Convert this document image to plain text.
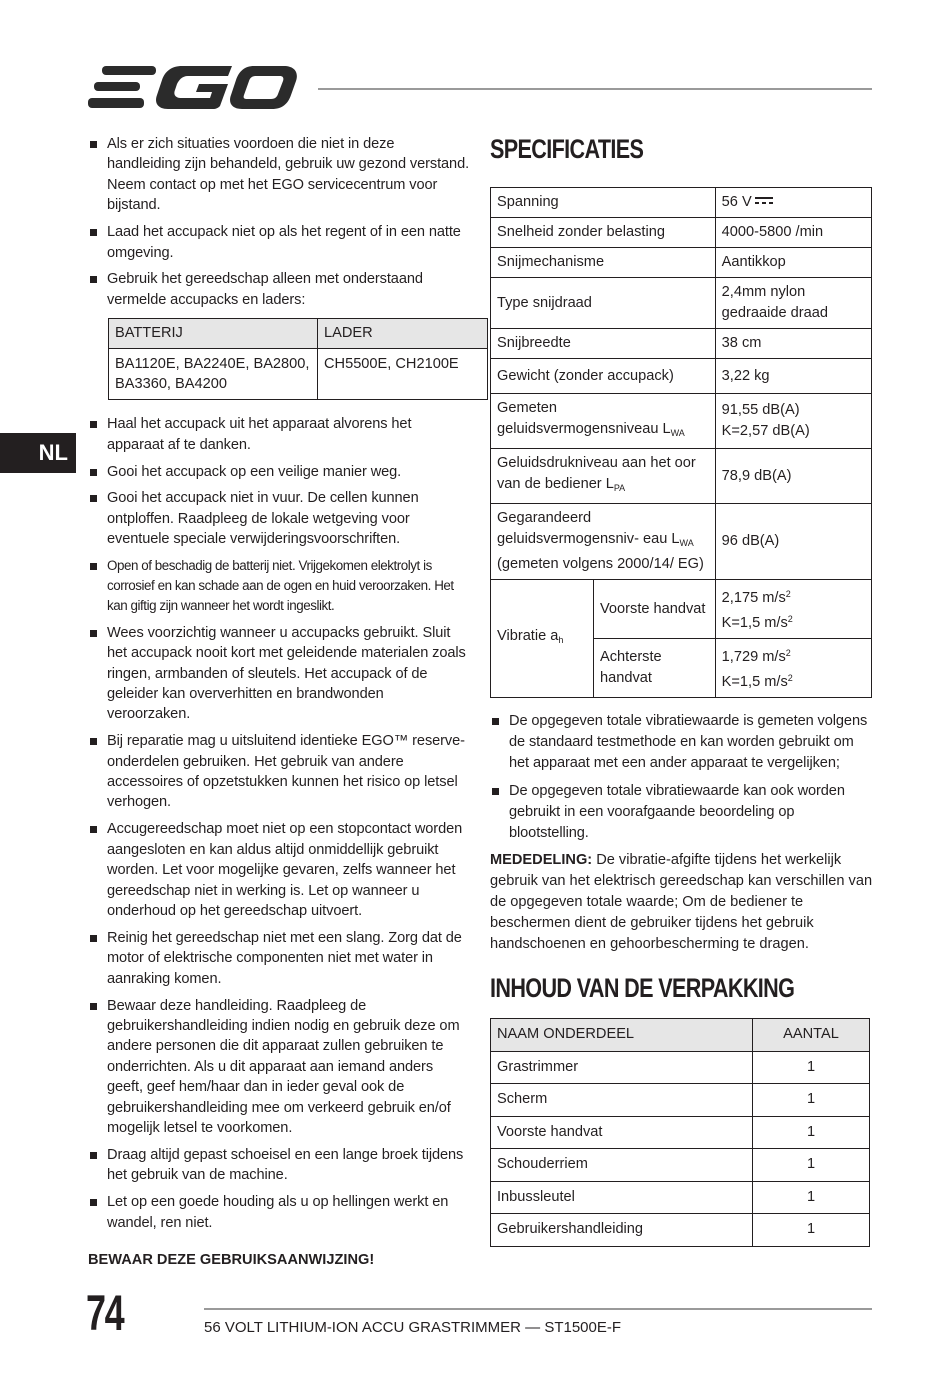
NL
Als er zich situaties voordoen die niet in deze handleiding zijn behandeld, gebruik uw gezond verstand. Neem contact op met het EGO servicecentrum voor bijstand.
Laad het accupack niet op als het regent of in een natte omgeving.
Gebruik het gereedschap alleen met onderstaand vermelde accupacks en laders:
BATTERIJ	LADER
BA1120E, BA2240E, BA2800, BA3360, BA4200	CH5500E, CH2100E
Haal het accupack uit het apparaat alvorens het apparaat af te danken.
Gooi het accupack op een veilige manier weg.
Gooi het accupack niet in vuur. De cellen kunnen ontploffen. Raadpleeg de lokale wetgeving voor eventuele speciale verwijderingsvoorschriften.
Open of beschadig de batterij niet. Vrijgekomen elektrolyt is corrosief en kan schade aan de ogen en huid veroorzaken. Het kan giftig zijn wanneer het wordt ingeslikt.
Wees voorzichtig wanneer u accupacks gebruikt. Sluit het accupack nooit kort met geleidende materialen zoals ringen, armbanden of sleutels. Het accupack of de geleider kan oververhitten en brandwonden veroorzaken.
Bij reparatie mag u uitsluitend identieke EGO™ reserve-onderdelen gebruiken. Het gebruik van andere accessoires of opzetstukken kunnen het risico op letsel verhogen.
Accugereedschap moet niet op een stopcontact worden aangesloten en kan aldus altijd onmiddellijk gebruikt worden. Let voor mogelijke gevaren, zelfs wanneer het gereedschap niet in werking is. Let op wanneer u onderhoud op het gereedschap uitvoert.
Reinig het gereedschap niet met een slang. Zorg dat de motor of elektrische componenten niet met water in aanraking komen.
Bewaar deze handleiding. Raadpleeg de gebruikershandleiding indien nodig en gebruik deze om andere personen die dit apparaat zullen gebruiken te onderrichten. Als u dit apparaat aan iemand anders geeft, geef hem/haar dan in ieder geval ook de gebruikershandleiding mee om verkeerd gebruik en/of mogelijk letsel te voorkomen.
Draag altijd gepast schoeisel en een lange broek tijdens het gebruik van de machine.
Let op een goede houding als u op hellingen werkt en wandel, ren niet.
BEWAAR DEZE GEBRUIKSAANWIJZING!
SPECIFICATIES
Spanning		56 V

Snelheid zonder belasting		4000-5800 /min
Snijmechanisme		Aantikkop
Type snijdraad		2,4mm nylon gedraaide draad
Snijbreedte		38 cm
Gewicht (zonder accupack)		3,22 kg
Gemeten geluidsvermogensniveau $L_{WA}$		91,55 dB(A)
K=2,57 dB(A)
Geluidsdrukniveau aan het oor van de bediener $L_{PA}$		78,9 dB(A)
Gegarandeerd geluidsvermogensniv- eau $L_{WA}$ (gemeten volgens 2000/14/ EG)		96 dB(A)
Vibratie $a_h$	Voorste handvat	2,175 $m/s^2$
K=1,5 $m/s^2$
	Achterste handvat	1,729 $m/s^2$
K=1,5 $m/s^2$
De opgegeven totale vibratiewaarde is gemeten volgens de standaard testmethode en kan worden gebruikt om het apparaat met een ander apparaat te vergelijken;
De opgegeven totale vibratiewaarde kan ook worden gebruikt in een voorafgaande beoordeling op blootstelling.

MEDEDELING: De vibratie-afgifte tijdens het werkelijk gebruik van het elektrisch gereedschap kan verschillen van de opgegeven totale waarde; Om de bediener te beschermen dient de gebruiker tijdens het gebruik handschoenen en gehoorbescherming te dragen.

INHOUD VAN DE VERPAKKING
NAAM ONDERDEEL	AANTAL
Grastrimmer	1
Scherm	1
Voorste handvat	1
Schouderriem	1
Inbussleutel	1
Gebruikershandleiding	1
74	56 VOLT LITHIUM-ION ACCU GRASTRIMMER — ST1500E-F
